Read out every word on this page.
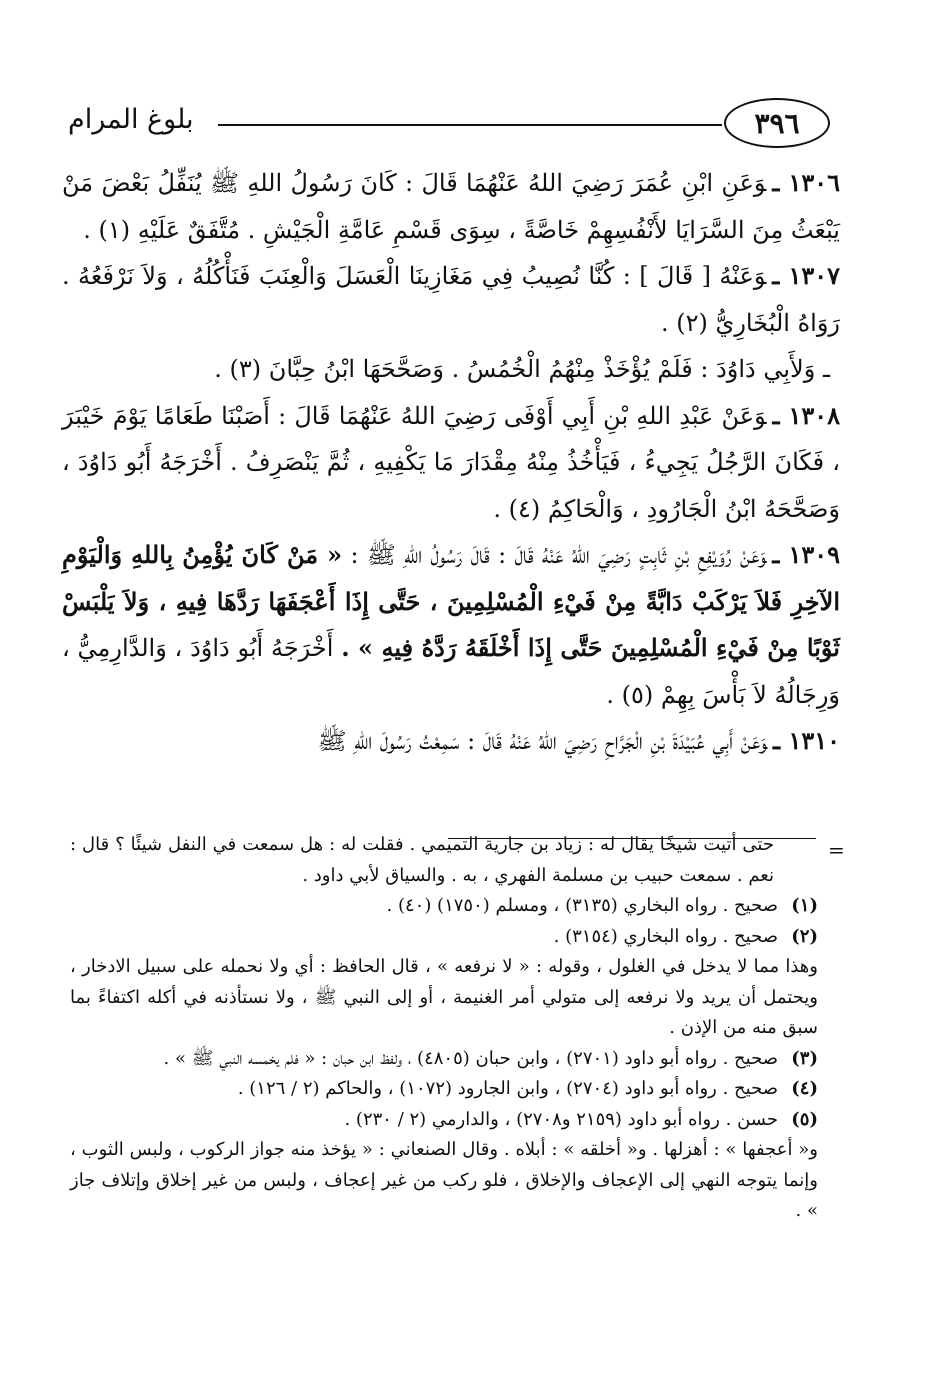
بلوغ المرام	٣٩٦

١٣٠٦ ـوَعَنِ ابْنِ عُمَرَ رَضِيَ اللهُ عَنْهُمَا قَالَ : كَانَ رَسُولُ اللهِ ﷺ يُنَفِّلُ بَعْضَ مَنْ يَبْعَثُ مِنَ السَّرَايَا لأَنْفُسِهِمْ خَاصَّةً ، سِوَى قَسْمِ عَامَّةِ الْجَيْشِ . مُتَّفَقٌ عَلَيْهِ (١) .

١٣٠٧ ـوَعَنْهُ [ قَالَ ] : كُنَّا نُصِيبُ فِي مَغَازِينَا الْعَسَلَ وَالْعِنَبَ فَنَأْكُلُهُ ، وَلاَ نَرْفَعُهُ . رَوَاهُ الْبُخَارِيُّ (٢) .

ـ وَلأَبِي دَاوُدَ : فَلَمْ يُؤْخَذْ مِنْهُمُ الْخُمُسُ . وَصَحَّحَهَا ابْنُ حِبَّانَ (٣) .

١٣٠٨ ـوَعَنْ عَبْدِ اللهِ بْنِ أَبِي أَوْفَى رَضِيَ اللهُ عَنْهُمَا قَالَ : أَصَبْنَا طَعَامًا يَوْمَ خَيْبَرَ ، فَكَانَ الرَّجُلُ يَجِيءُ ، فَيَأْخُذُ مِنْهُ مِقْدَارَ مَا يَكْفِيهِ ، ثُمَّ يَنْصَرِفُ . أَخْرَجَهُ أَبُو دَاوُدَ ، وَصَحَّحَهُ ابْنُ الْجَارُودِ ، وَالْحَاكِمُ (٤) .

١٣٠٩ ـوَعَنْ رُوَيْفِعِ بْنِ ثَابِتٍ رَضِيَ اللهُ عَنْهُ قَالَ : قَالَ رَسُولُ اللهِ ﷺ : « مَنْ كَانَ يُؤْمِنُ بِاللهِ وَالْيَوْمِ الآخِرِ فَلاَ يَرْكَبْ دَابَّةً مِنْ فَيْءِ الْمُسْلِمِينَ ، حَتَّى إِذَا أَعْجَفَهَا رَدَّهَا فِيهِ ، وَلاَ يَلْبَسْ ثَوْبًا مِنْ فَيْءِ الْمُسْلِمِينَ حَتَّى إِذَا أَخْلَقَهُ رَدَّهُ فِيهِ » . أَخْرَجَهُ أَبُو دَاوُدَ ، وَالدَّارِمِيُّ ، وَرِجَالُهُ لاَ بَأْسَ بِهِمْ (٥) .

١٣١٠ ـوَعَنْ أَبِي عُبَيْدَةَ بْنِ الْجَرَّاحِ رَضِيَ اللهُ عَنْهُ قَالَ : سَمِعْتُ رَسُولَ اللهِ ﷺ

=

حتى أتيت شيخًا يقال له : زياد بن جارية التميمي . فقلت له : هل سمعت في النفل شيئًا ؟ قال : نعم . سمعت حبيب بن مسلمة الفهري ، به . والسياق لأبي داود .

(١)صحيح . رواه البخاري (٣١٣٥) ، ومسلم (١٧٥٠) (٤٠) .

(٢)صحيح . رواه البخاري (٣١٥٤) .

وهذا مما لا يدخل في الغلول ، وقوله : « لا نرفعه » ، قال الحافظ : أي ولا نحمله على سبيل الادخار ، ويحتمل أن يريد ولا نرفعه إلى متولي أمر الغنيمة ، أو إلى النبي ﷺ ، ولا نستأذنه في أكله اكتفاءً بما سبق منه من الإذن .

(٣)صحيح . رواه أبو داود (٢٧٠١) ، وابن حبان (٤٨٠٥) ، ولفظ ابن حبان : « فلم يخمسه النبي ﷺ » .

(٤)صحيح . رواه أبو داود (٢٧٠٤) ، وابن الجارود (١٠٧٢) ، والحاكم (٢ / ١٢٦) .

(٥)حسن . رواه أبو داود (٢١٥٩ و٢٧٠٨) ، والدارمي (٢ / ٢٣٠) .

و« أعجفها » : أهزلها . و« أخلقه » : أبلاه . وقال الصنعاني : « يؤخذ منه جواز الركوب ، ولبس الثوب ، وإنما يتوجه النهي إلى الإعجاف والإخلاق ، فلو ركب من غير إعجاف ، ولبس من غير إخلاق وإتلاف جاز » .
